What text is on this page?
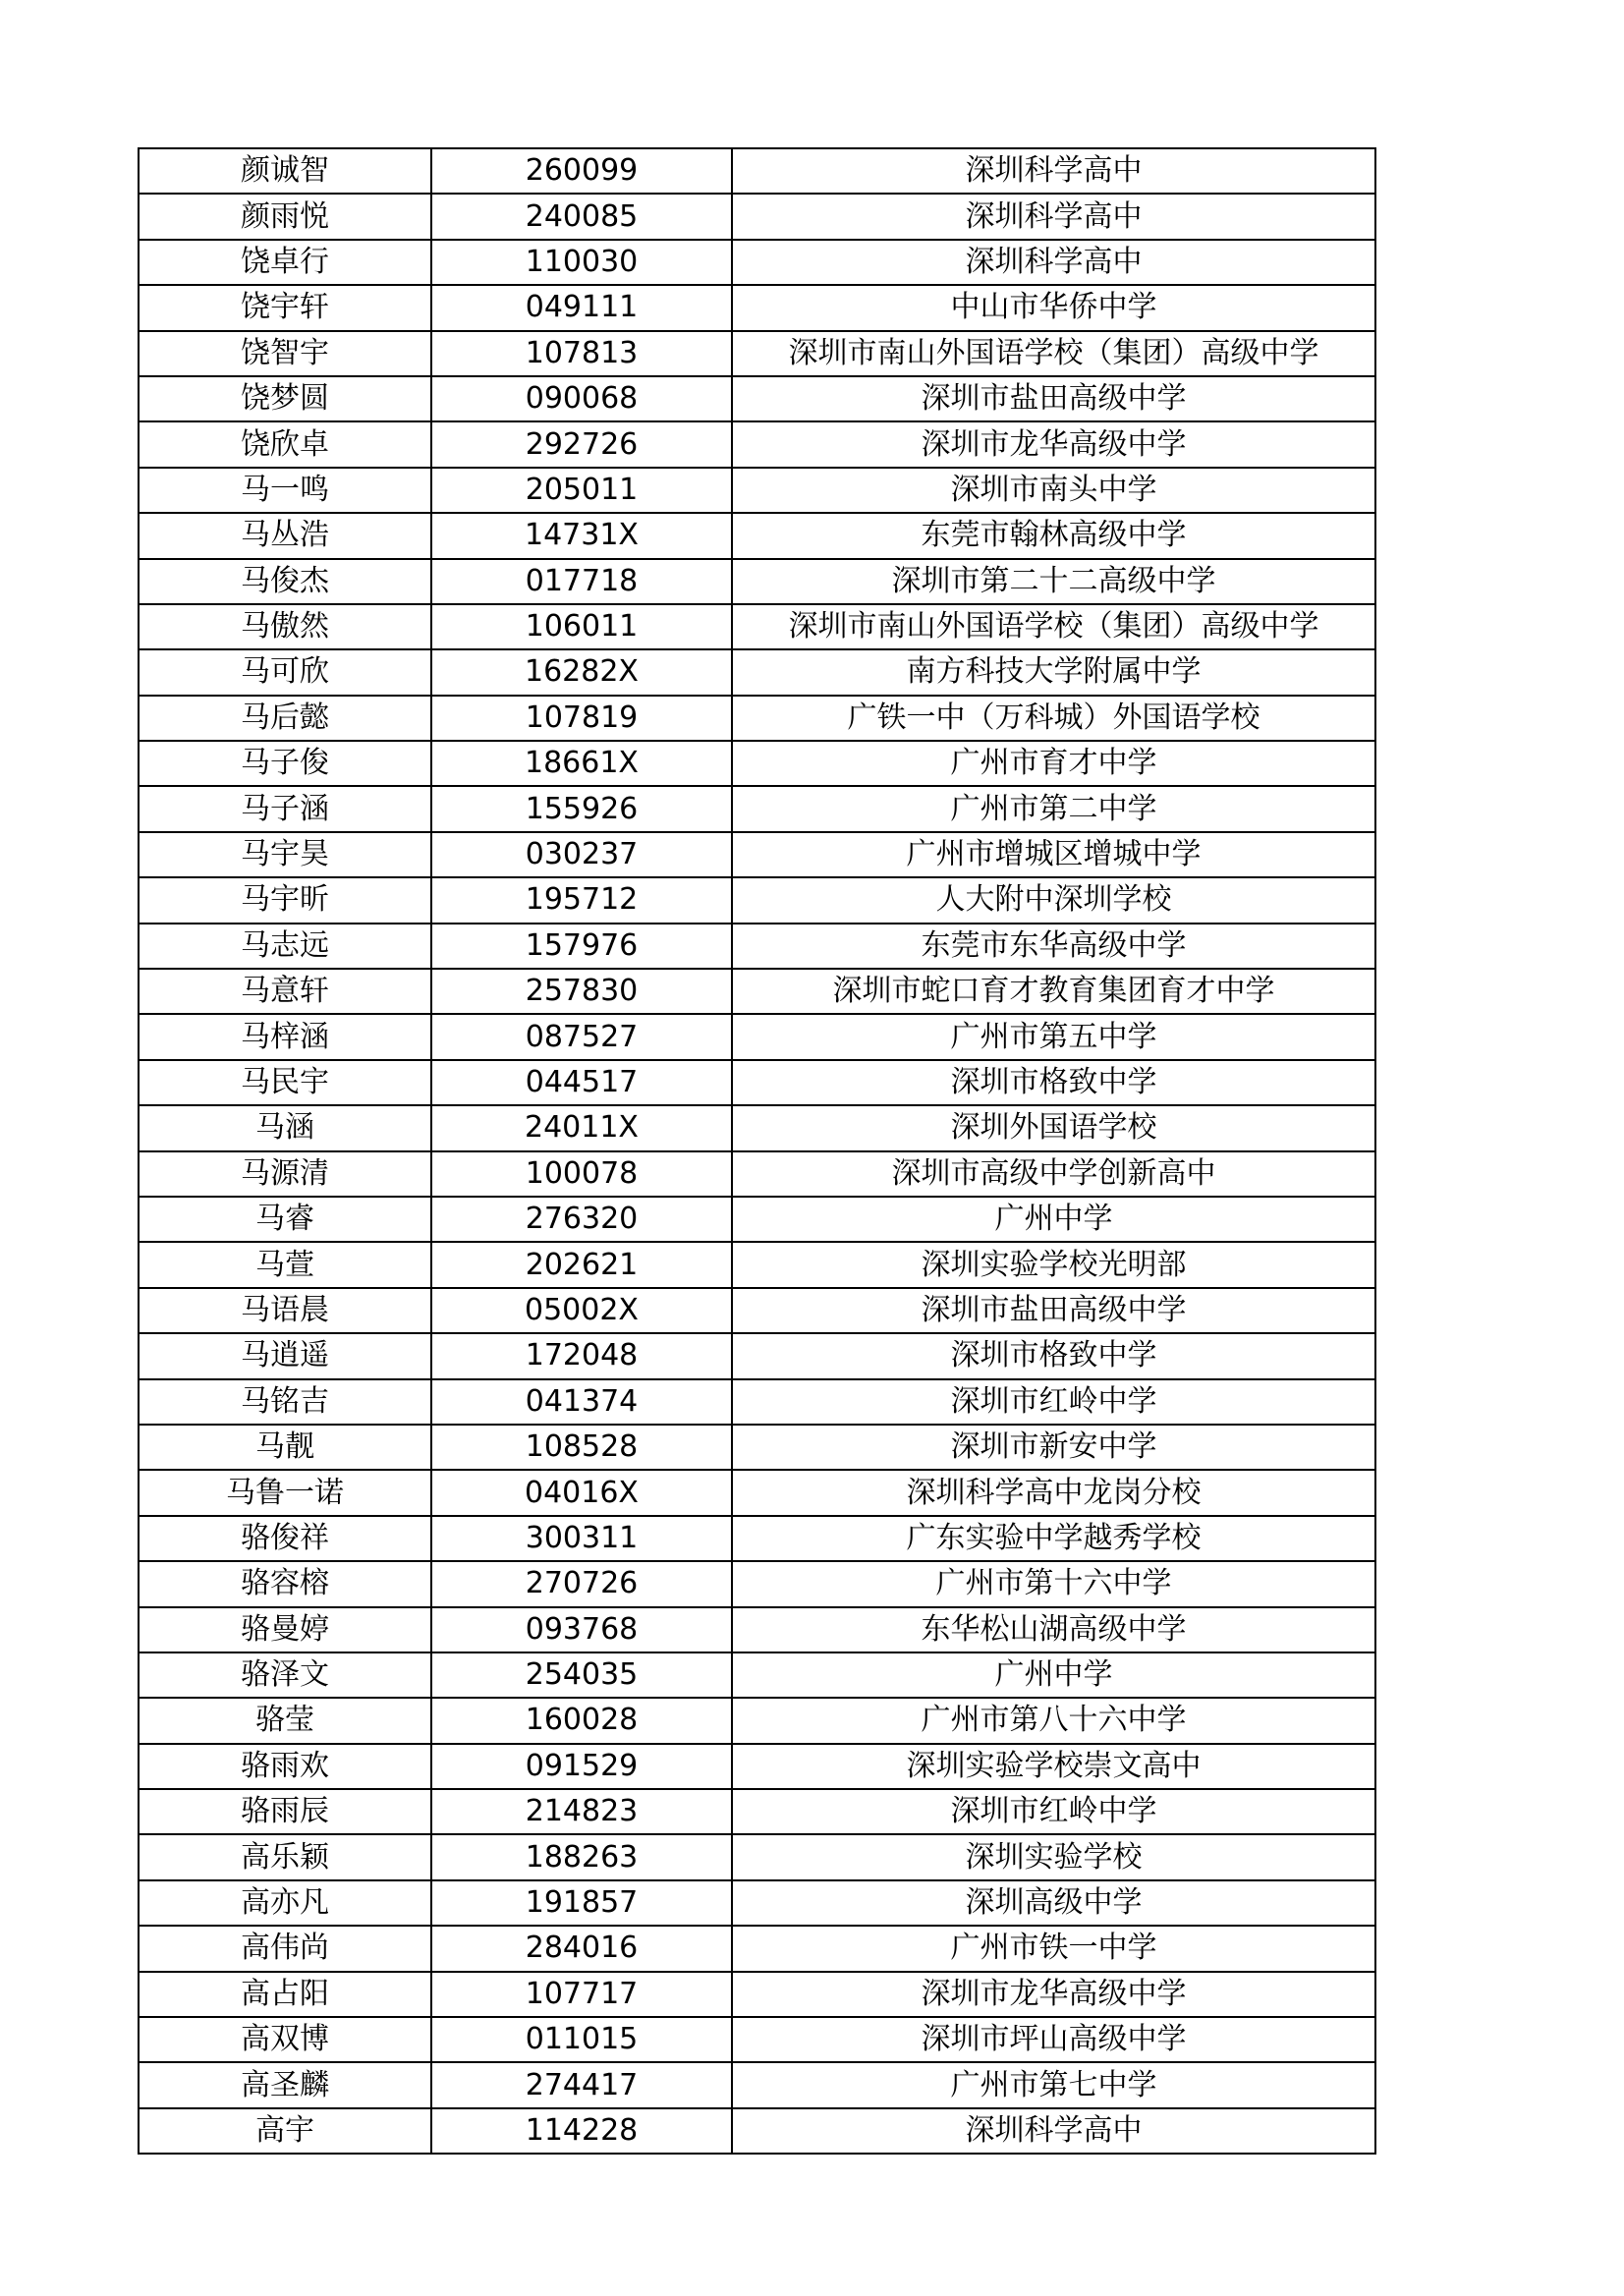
颜诚智	260099	深圳科学高中
颜雨悦	240085	深圳科学高中
饶卓行	110030	深圳科学高中
饶宇轩	049111	中山市华侨中学
饶智宇	107813	深圳市南山外国语学校（集团）高级中学
饶梦圆	090068	深圳市盐田高级中学
饶欣卓	292726	深圳市龙华高级中学
马一鸣	205011	深圳市南头中学
马丛浩	14731X	东莞市翰林高级中学
马俊杰	017718	深圳市第二十二高级中学
马傲然	106011	深圳市南山外国语学校（集团）高级中学
马可欣	16282X	南方科技大学附属中学
马后懿	107819	广铁一中（万科城）外国语学校
马子俊	18661X	广州市育才中学
马子涵	155926	广州市第二中学
马宇昊	030237	广州市增城区增城中学
马宇昕	195712	人大附中深圳学校
马志远	157976	东莞市东华高级中学
马意轩	257830	深圳市蛇口育才教育集团育才中学
马梓涵	087527	广州市第五中学
马民宇	044517	深圳市格致中学
马涵	24011X	深圳外国语学校
马源清	100078	深圳市高级中学创新高中
马睿	276320	广州中学
马萱	202621	深圳实验学校光明部
马语晨	05002X	深圳市盐田高级中学
马逍遥	172048	深圳市格致中学
马铭吉	041374	深圳市红岭中学
马靓	108528	深圳市新安中学
马鲁一诺	04016X	深圳科学高中龙岗分校
骆俊祥	300311	广东实验中学越秀学校
骆容榕	270726	广州市第十六中学
骆曼婷	093768	东华松山湖高级中学
骆泽文	254035	广州中学
骆莹	160028	广州市第八十六中学
骆雨欢	091529	深圳实验学校崇文高中
骆雨辰	214823	深圳市红岭中学
高乐颖	188263	深圳实验学校
高亦凡	191857	深圳高级中学
高伟尚	284016	广州市铁一中学
高占阳	107717	深圳市龙华高级中学
高双博	011015	深圳市坪山高级中学
高圣麟	274417	广州市第七中学
高宇	114228	深圳科学高中
